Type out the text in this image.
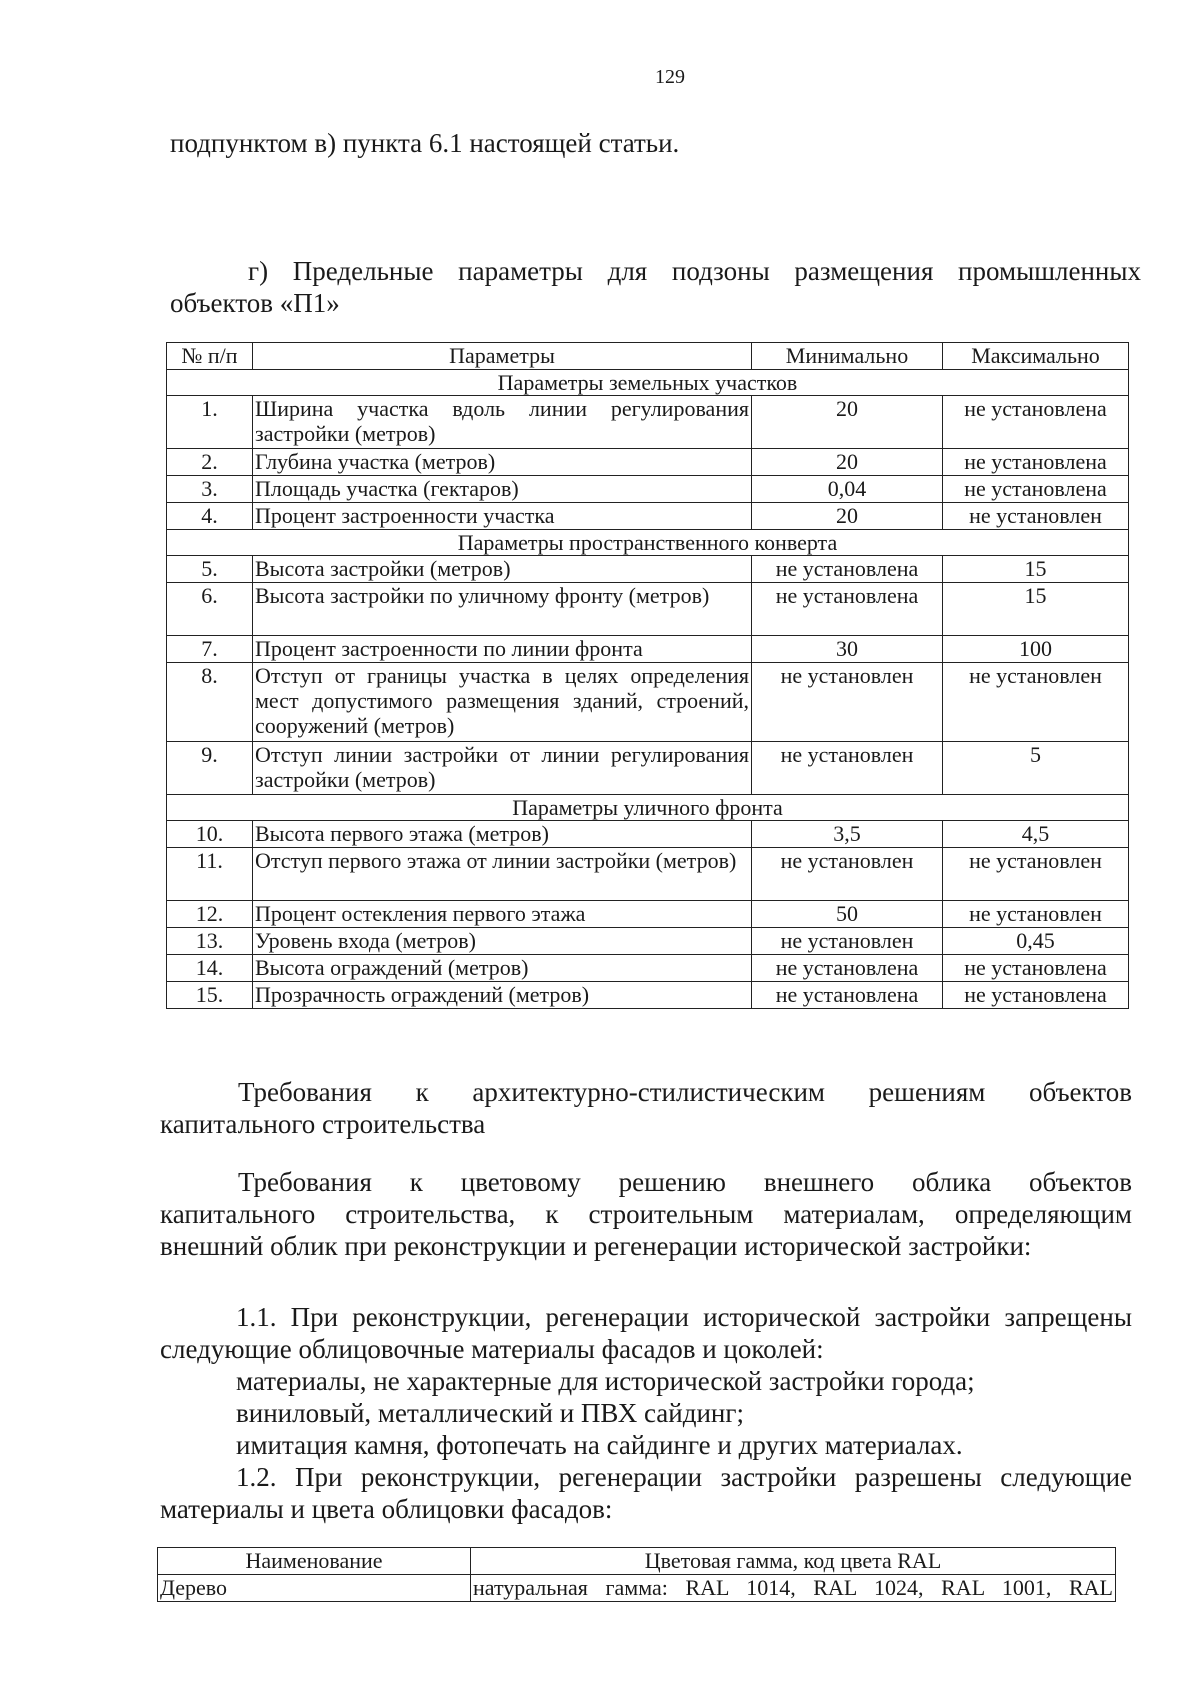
129
подпунктом в) пункта 6.1 настоящей статьи.
г) Предельные параметры для подзоны размещения промышленных
объектов «П1»
№ п/п	Параметры	Минимально	Максимально
Параметры земельных участков			
1.	Ширина участка вдоль линии регулирования застройки (метров)	20	не установлена
2.	Глубина участка (метров)	20	не установлена
3.	Площадь участка (гектаров)	0,04	не установлена
4.	Процент застроенности участка	20	не установлен
Параметры пространственного конверта			
5.	Высота застройки (метров)	не установлена	15
6.	Высота застройки по уличному фронту (метров)	не установлена	15
7.	Процент застроенности по линии фронта	30	100
8.	Отступ от границы участка в целях определения мест допустимого размещения зданий, строений, сооружений (метров)	не установлен	не установлен
9.	Отступ линии застройки от линии регулирования застройки (метров)	не установлен	5
Параметры уличного фронта			
10.	Высота первого этажа (метров)	3,5	4,5
11.	Отступ первого этажа от линии застройки (метров)	не установлен	не установлен
12.	Процент остекления первого этажа	50	не установлен
13.	Уровень входа (метров)	не установлен	0,45
14.	Высота ограждений (метров)	не установлена	не установлена
15.	Прозрачность ограждений (метров)	не установлена	не установлена
Требования к архитектурно-стилистическим решениям объектов
капитального строительства
Требования к цветовому решению внешнего облика объектов
капитального строительства, к строительным материалам, определяющим
внешний облик при реконструкции и регенерации исторической застройки:
1.1. При реконструкции, регенерации исторической застройки запрещены
следующие облицовочные материалы фасадов и цоколей:
материалы, не характерные для исторической застройки города;
виниловый, металлический и ПВХ сайдинг;
имитация камня, фотопечать на сайдинге и других материалах.
1.2. При реконструкции, регенерации застройки разрешены следующие
материалы и цвета облицовки фасадов:
Наименование	Цветовая гамма, код цвета RAL
Дерево	натуральная гамма: RAL 1014, RAL 1024, RAL 1001, RAL
